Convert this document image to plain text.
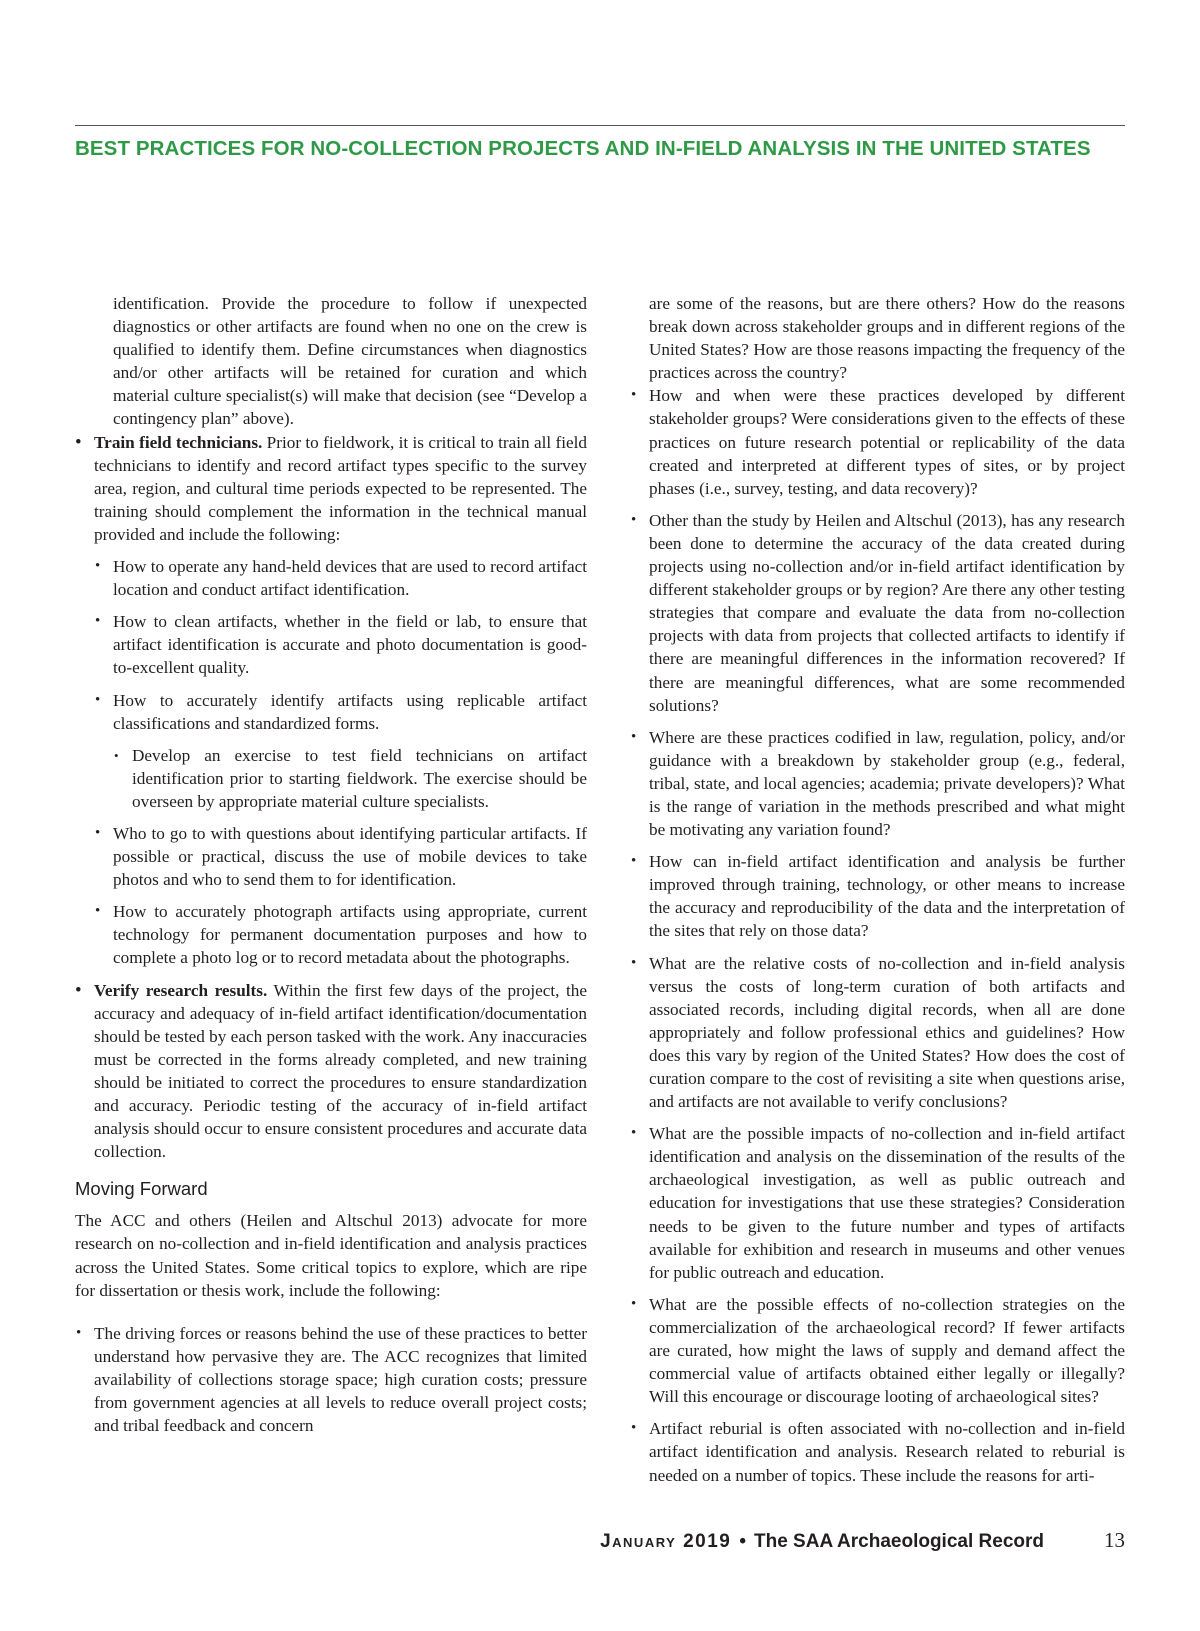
BEST PRACTICES FOR NO-COLLECTION PROJECTS AND IN-FIELD ANALYSIS IN THE UNITED STATES

identification. Provide the procedure to follow if unexpected diagnostics or other artifacts are found when no one on the crew is qualified to identify them. Define circumstances when diagnostics and/or other artifacts will be retained for curation and which material culture specialist(s) will make that decision (see “Develop a contingency plan” above).

• Train field technicians. Prior to fieldwork, it is critical to train all field technicians to identify and record artifact types specific to the survey area, region, and cultural time periods expected to be represented. The training should complement the information in the technical manual provided and include the following:
• How to operate any hand-held devices that are used to record artifact location and conduct artifact identification.
• How to clean artifacts, whether in the field or lab, to ensure that artifact identification is accurate and photo documentation is good-to-excellent quality.
• How to accurately identify artifacts using replicable artifact classifications and standardized forms.
• Develop an exercise to test field technicians on artifact identification prior to starting fieldwork. The exercise should be overseen by appropriate material culture specialists.
• Who to go to with questions about identifying particular artifacts. If possible or practical, discuss the use of mobile devices to take photos and who to send them to for identification.
• How to accurately photograph artifacts using appropriate, current technology for permanent documentation purposes and how to complete a photo log or to record metadata about the photographs.
• Verify research results. Within the first few days of the project, the accuracy and adequacy of in-field artifact identification/documentation should be tested by each person tasked with the work. Any inaccuracies must be corrected in the forms already completed, and new training should be initiated to correct the procedures to ensure standardization and accuracy. Periodic testing of the accuracy of in-field artifact analysis should occur to ensure consistent procedures and accurate data collection.
Moving Forward

The ACC and others (Heilen and Altschul 2013) advocate for more research on no-collection and in-field identification and analysis practices across the United States. Some critical topics to explore, which are ripe for dissertation or thesis work, include the following:

• The driving forces or reasons behind the use of these practices to better understand how pervasive they are. The ACC recognizes that limited availability of collections storage space; high curation costs; pressure from government agencies at all levels to reduce overall project costs; and tribal feedback and concern

are some of the reasons, but are there others? How do the reasons break down across stakeholder groups and in different regions of the United States? How are those reasons impacting the frequency of the practices across the country?

• How and when were these practices developed by different stakeholder groups? Were considerations given to the effects of these practices on future research potential or replicability of the data created and interpreted at different types of sites, or by project phases (i.e., survey, testing, and data recovery)?
• Other than the study by Heilen and Altschul (2013), has any research been done to determine the accuracy of the data created during projects using no-collection and/or in-field artifact identification by different stakeholder groups or by region? Are there any other testing strategies that compare and evaluate the data from no-collection projects with data from projects that collected artifacts to identify if there are meaningful differences in the information recovered? If there are meaningful differences, what are some recommended solutions?
• Where are these practices codified in law, regulation, policy, and/or guidance with a breakdown by stakeholder group (e.g., federal, tribal, state, and local agencies; academia; private developers)? What is the range of variation in the methods prescribed and what might be motivating any variation found?
• How can in-field artifact identification and analysis be further improved through training, technology, or other means to increase the accuracy and reproducibility of the data and the interpretation of the sites that rely on those data?
• What are the relative costs of no-collection and in-field analysis versus the costs of long-term curation of both artifacts and associated records, including digital records, when all are done appropriately and follow professional ethics and guidelines? How does this vary by region of the United States? How does the cost of curation compare to the cost of revisiting a site when questions arise, and artifacts are not available to verify conclusions?
• What are the possible impacts of no-collection and in-field artifact identification and analysis on the dissemination of the results of the archaeological investigation, as well as public outreach and education for investigations that use these strategies? Consideration needs to be given to the future number and types of artifacts available for exhibition and research in museums and other venues for public outreach and education.
• What are the possible effects of no-collection strategies on the commercialization of the archaeological record? If fewer artifacts are curated, how might the laws of supply and demand affect the commercial value of artifacts obtained either legally or illegally? Will this encourage or discourage looting of archaeological sites?
• Artifact reburial is often associated with no-collection and in-field artifact identification and analysis. Research related to reburial is needed on a number of topics. These include the reasons for arti-
January 2019 • The SAA Archaeological Record	13
